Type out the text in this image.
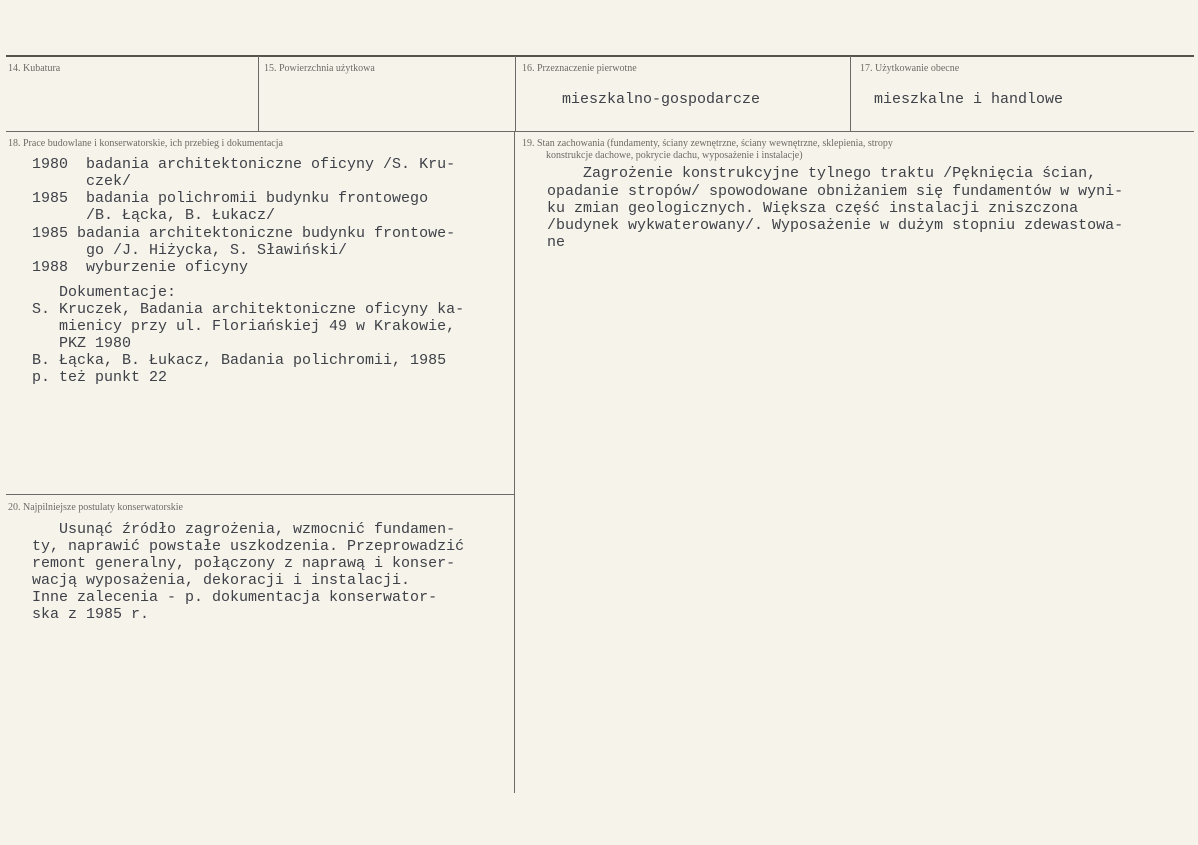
14. Kubatura	15. Powierzchnia użytkowa	16. Przeznaczenie pierwotne
mieszkalno-gospodarcze
17. Użytkowanie obecne
mieszkalne i handlowe
18. Prace budowlane i konserwatorskie, ich przebieg i dokumentacja
1980  badania architektoniczne oficyny /S. Kru-
czek/
1985  badania polichromii budynku frontowego
/B. Łącka, B. Łukacz/
1985 badania architektoniczne budynku frontowe-
go /J. Hiżycka, S. Sławiński/
1988  wyburzenie oficyny
Dokumentacje:
S. Kruczek, Badania architektoniczne oficyny ka-
mienicy przy ul. Floriańskiej 49 w Krakowie,
PKZ 1980
B. Łącka, B. Łukacz, Badania polichromii, 1985
p. też punkt 22
19. Stan zachowania (fundamenty, ściany zewnętrzne, ściany wewnętrzne, sklepienia, stropy
konstrukcje dachowe, pokrycie dachu, wyposażenie i instalacje)
Zagrożenie konstrukcyjne tylnego traktu /Pęknięcia ścian,
opadanie stropów/ spowodowane obniżaniem się fundamentów w wyni-
ku zmian geologicznych. Większa część instalacji zniszczona
/budynek wykwaterowany/. Wyposażenie w dużym stopniu zdewastowa-
ne
20. Najpilniejsze postulaty konserwatorskie
Usunąć źródło zagrożenia, wzmocnić fundamen-
ty, naprawić powstałe uszkodzenia. Przeprowadzić
remont generalny, połączony z naprawą i konser-
wacją wyposażenia, dekoracji i instalacji.
Inne zalecenia - p. dokumentacja konserwator-
ska z 1985 r.
